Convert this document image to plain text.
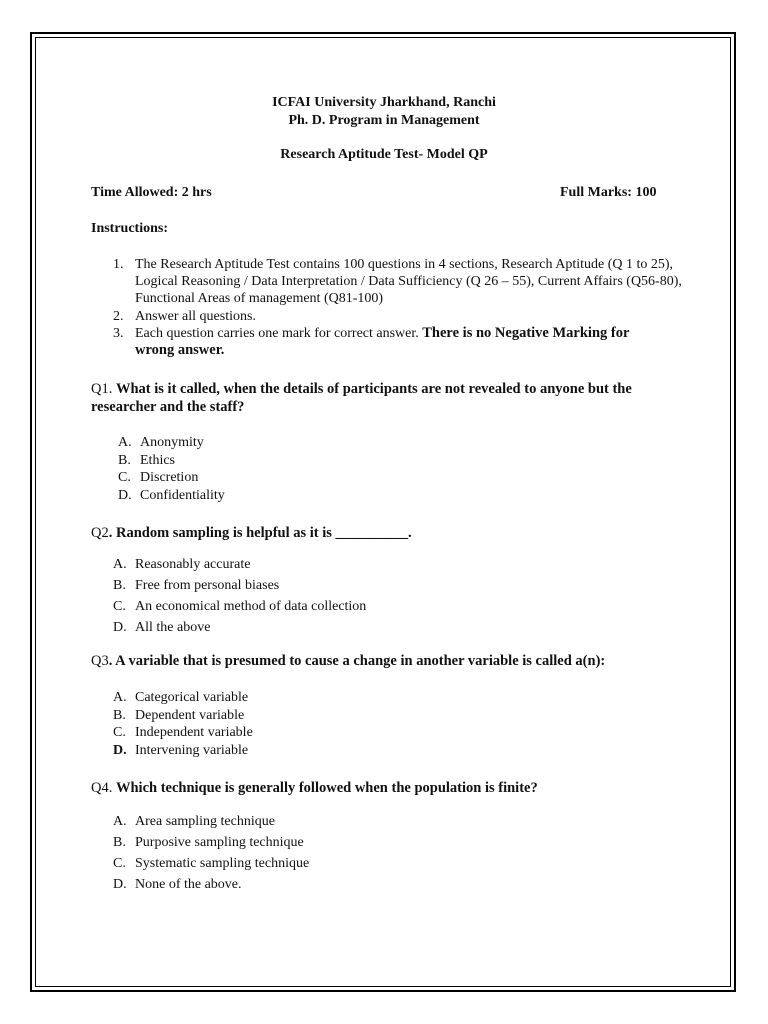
ICFAI University Jharkhand, Ranchi

Ph. D. Program in Management

Research Aptitude Test- Model QP

Time Allowed: 2 hrs	Full Marks: 100

Instructions:

1. The Research Aptitude Test contains 100 questions in 4 sections, Research Aptitude (Q 1 to 25), Logical Reasoning / Data Interpretation / Data Sufficiency (Q 26 – 55), Current Affairs (Q56-80), Functional Areas of management (Q81-100)
2. Answer all questions.
3. Each question carries one mark for correct answer. There is no Negative Marking for
wrong answer.

Q1. What is it called, when the details of participants are not revealed to anyone but the

researcher and the staff?

A. Anonymity
B. Ethics
C. Discretion
D. Confidentiality

Q2. Random sampling is helpful as it is __________.

A. Reasonably accurate
B. Free from personal biases
C. An economical method of data collection
D. All the above

Q3. A variable that is presumed to cause a change in another variable is called a(n):

A. Categorical variable
B. Dependent variable
C. Independent variable
D. Intervening variable

Q4. Which technique is generally followed when the population is finite?

A. Area sampling technique
B. Purposive sampling technique
C. Systematic sampling technique
D. None of the above.
